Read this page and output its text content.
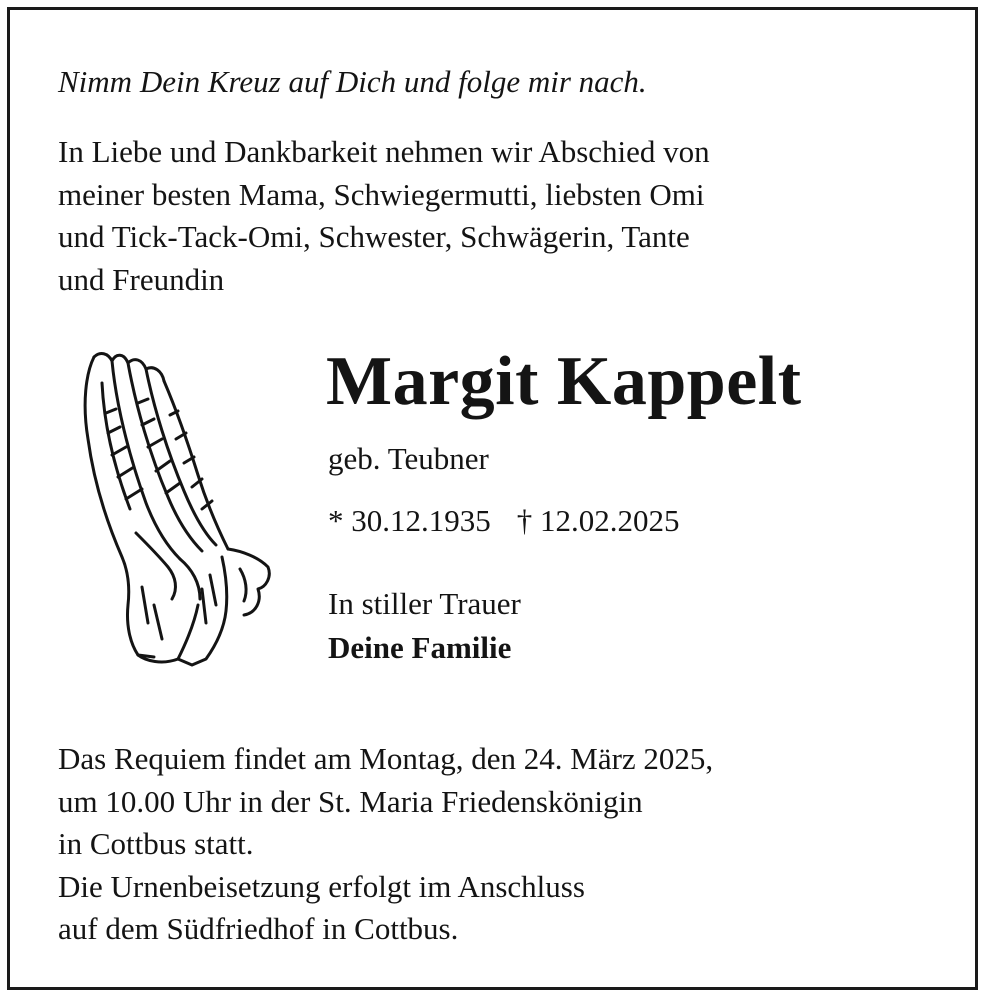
Nimm Dein Kreuz auf Dich und folge mir nach.
In Liebe und Dankbarkeit nehmen wir Abschied von
meiner besten Mama, Schwiegermutti, liebsten Omi
und Tick-Tack-Omi, Schwester, Schwägerin, Tante
und Freundin
Margit Kappelt
geb. Teubner
* 30.12.1935 † 12.02.2025
In stiller Trauer
Deine Familie
Das Requiem findet am Montag, den 24. März 2025,
um 10.00 Uhr in der St. Maria Friedenskönigin
in Cottbus statt.
Die Urnenbeisetzung erfolgt im Anschluss
auf dem Südfriedhof in Cottbus.
